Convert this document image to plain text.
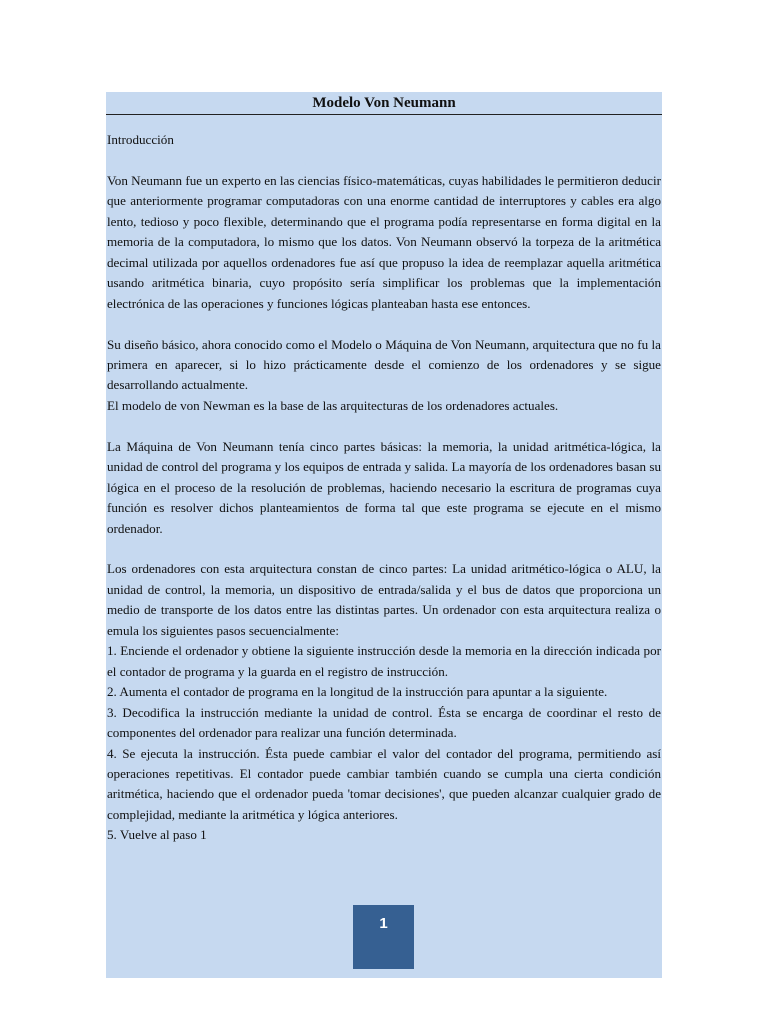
Modelo Von Neumann

Introducción

Von Neumann fue un experto en las ciencias físico-matemáticas, cuyas habilidades le permitieron deducir que anteriormente programar computadoras con una enorme cantidad de interruptores y cables era algo lento, tedioso y poco flexible, determinando que el programa podía representarse en forma digital en la memoria de la computadora, lo mismo que los datos. Von Neumann observó la torpeza de la aritmética decimal utilizada por aquellos ordenadores fue así que propuso la idea de reemplazar aquella aritmética usando aritmética binaria, cuyo propósito sería simplificar los problemas que la implementación electrónica de las operaciones y funciones lógicas planteaban hasta ese entonces.

Su diseño básico, ahora conocido como el Modelo o Máquina de Von Neumann, arquitectura que no fu la primera en aparecer, si lo hizo prácticamente desde el comienzo de los ordenadores y se sigue desarrollando actualmente.

El modelo de von Newman es la base de las arquitecturas de los ordenadores actuales.

La Máquina de Von Neumann tenía cinco partes básicas: la memoria, la unidad aritmética-lógica, la unidad de control del programa y los equipos de entrada y salida. La mayoría de los ordenadores basan su lógica en el proceso de la resolución de problemas, haciendo necesario la escritura de programas cuya función es resolver dichos planteamientos de forma tal que este programa se ejecute en el mismo ordenador.

Los ordenadores con esta arquitectura constan de cinco partes: La unidad aritmético-lógica o ALU, la unidad de control, la memoria, un dispositivo de entrada/salida y el bus de datos que proporciona un medio de transporte de los datos entre las distintas partes. Un ordenador con esta arquitectura realiza o emula los siguientes pasos secuencialmente:

1. Enciende el ordenador y obtiene la siguiente instrucción desde la memoria en la dirección indicada por el contador de programa y la guarda en el registro de instrucción.

2. Aumenta el contador de programa en la longitud de la instrucción para apuntar a la siguiente.

3. Decodifica la instrucción mediante la unidad de control. Ésta se encarga de coordinar el resto de componentes del ordenador para realizar una función determinada.

4. Se ejecuta la instrucción. Ésta puede cambiar el valor del contador del programa, permitiendo así operaciones repetitivas. El contador puede cambiar también cuando se cumpla una cierta condición aritmética, haciendo que el ordenador pueda 'tomar decisiones', que pueden alcanzar cualquier grado de complejidad, mediante la aritmética y lógica anteriores.

5. Vuelve al paso 1

1
